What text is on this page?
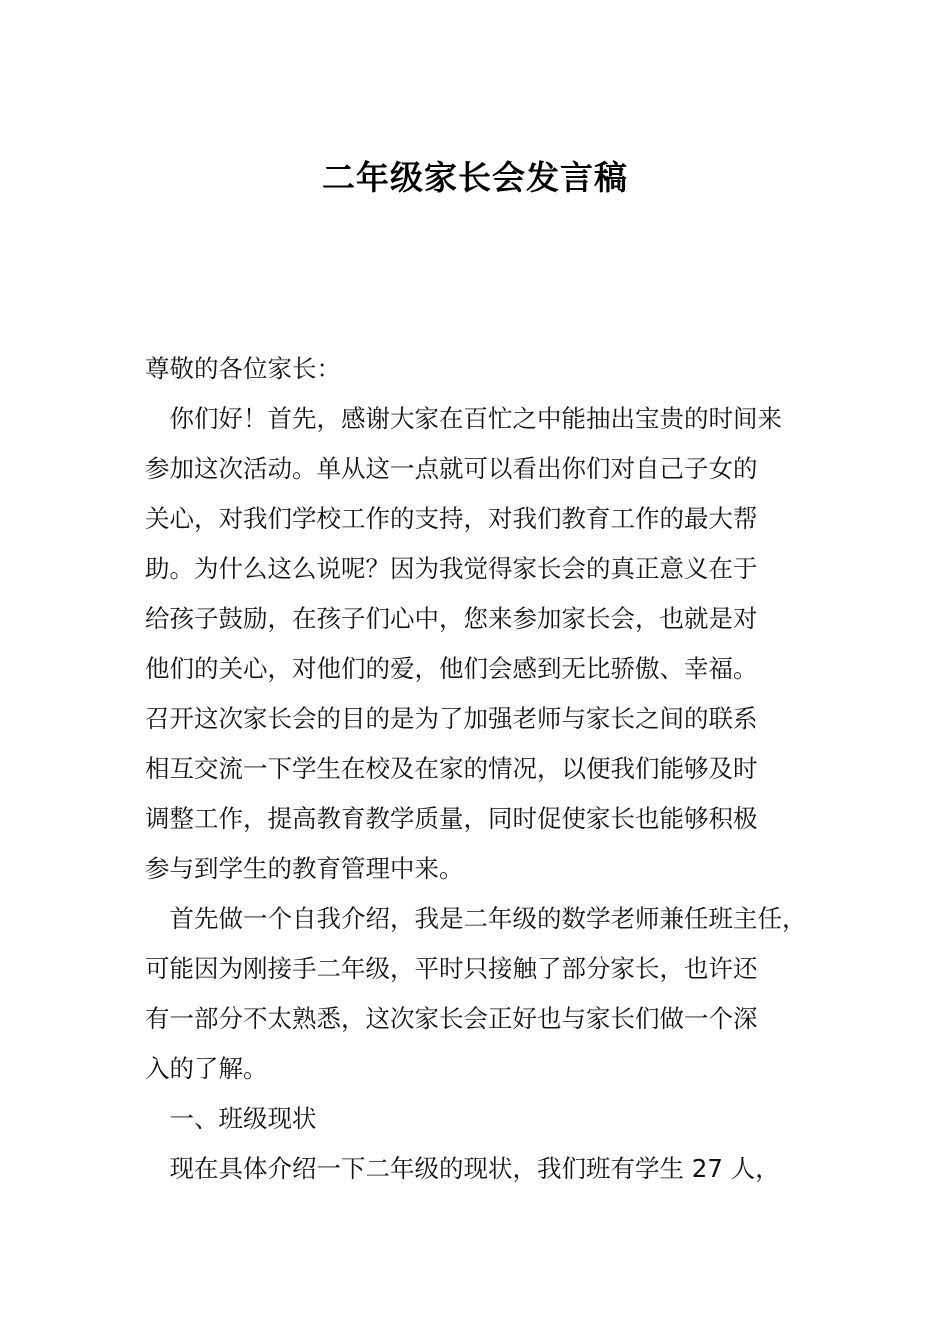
二年级家长会发言稿
尊敬的各位家长：
　你们好！首先，感谢大家在百忙之中能抽出宝贵的时间来
参加这次活动。单从这一点就可以看出你们对自己子女的
关心，对我们学校工作的支持，对我们教育工作的最大帮
助。为什么这么说呢？因为我觉得家长会的真正意义在于
给孩子鼓励，在孩子们心中，您来参加家长会，也就是对
他们的关心，对他们的爱，他们会感到无比骄傲、幸福。
召开这次家长会的目的是为了加强老师与家长之间的联系
相互交流一下学生在校及在家的情况，以便我们能够及时
调整工作，提高教育教学质量，同时促使家长也能够积极
参与到学生的教育管理中来。
　首先做一个自我介绍，我是二年级的数学老师兼任班主任，
可能因为刚接手二年级，平时只接触了部分家长，也许还
有一部分不太熟悉，这次家长会正好也与家长们做一个深
入的了解。
　一、班级现状
　现在具体介绍一下二年级的现状，我们班有学生 27 人，
